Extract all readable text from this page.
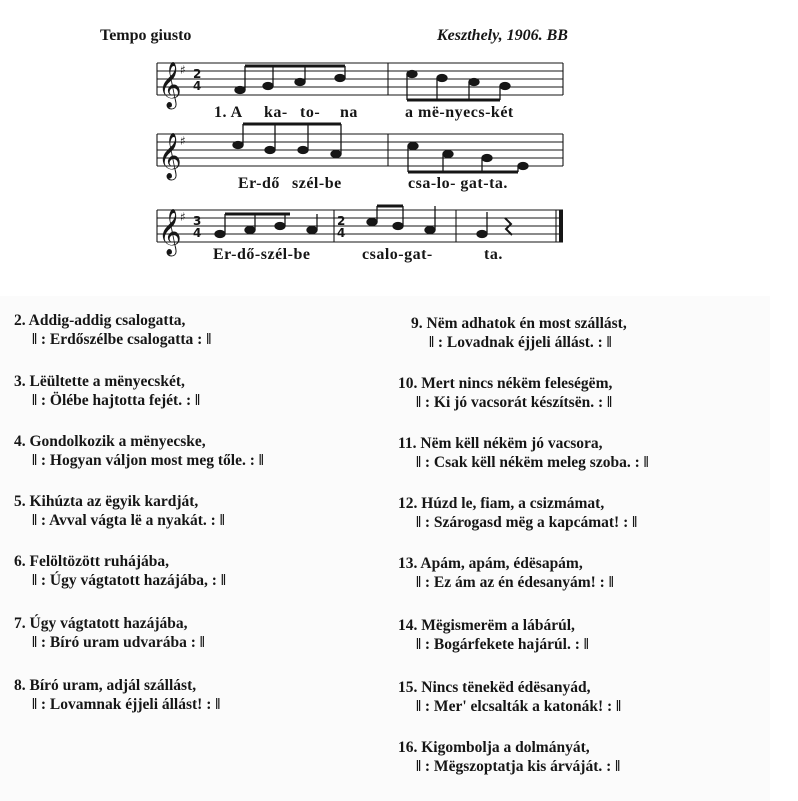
Tempo giusto	Keszthely, 1906. BB
𝄞
♯ 2
4
𝄞
♯
𝄞
♯ 3
4
2
4
1. A ka- to- na	a më-nyecs-két
Er-dő szél-be	csa-lo- gat-ta.
Er-dő-szél-be	csalo-gat-	ta.
2. Addig-addig csalogatta,
‖ : Erdőszélbe csalogatta : ‖
3. Lëültette a mënyecskét,
‖ : Ölébe hajtotta fejét. : ‖
4. Gondolkozik a mënyecske,
‖ : Hogyan váljon most meg tőle. : ‖
5. Kihúzta az ëgyik kardját,
‖ : Avval vágta lë a nyakát. : ‖
6. Felöltözött ruhájába,
‖ : Úgy vágtatott hazájába, : ‖
7. Úgy vágtatott hazájába,
‖ : Bíró uram udvarába : ‖
8. Bíró uram, adjál szállást,
‖ : Lovamnak éjjeli állást! : ‖
9. Nëm adhatok én most szállást,
‖ : Lovadnak éjjeli állást. : ‖
10. Mert nincs nékëm feleségëm,
‖ : Ki jó vacsorát készítsën. : ‖
11. Nëm këll nékëm jó vacsora,
‖ : Csak këll nékëm meleg szoba. : ‖
12. Húzd le, fiam, a csizmámat,
‖ : Szárogasd mëg a kapcámat! : ‖
13. Apám, apám, édësapám,
‖ : Ez ám az én édesanyám! : ‖
14. Mëgismerëm a lábárúl,
‖ : Bogárfekete hajárúl. : ‖
15. Nincs tënekëd édësanyád,
‖ : Mer' elcsalták a katonák! : ‖
16. Kigombolja a dolmányát,
‖ : Mëgszoptatja kis árváját. : ‖
